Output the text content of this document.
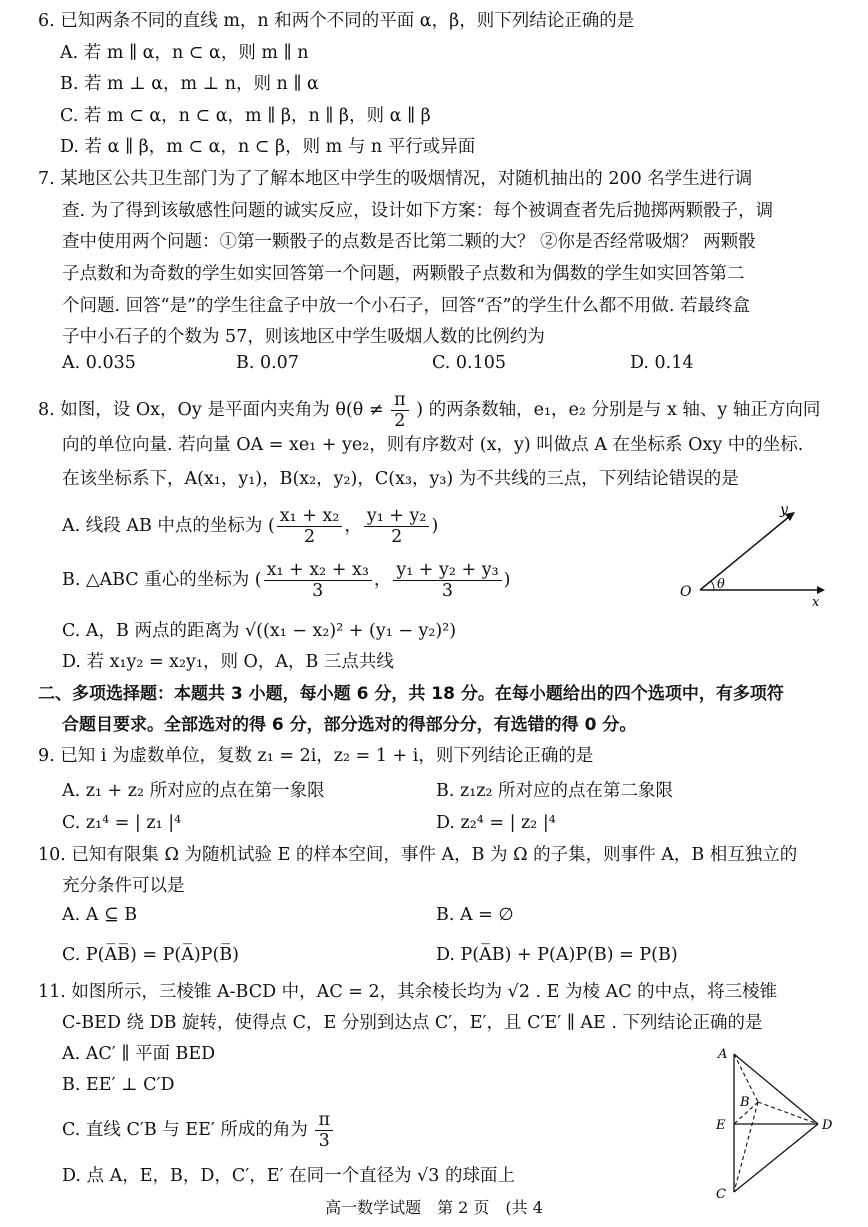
6. 已知两条不同的直线 m，n 和两个不同的平面 α，β，则下列结论正确的是
A. 若 m ∥ α，n ⊂ α，则 m ∥ n
B. 若 m ⊥ α，m ⊥ n，则 n ∥ α
C. 若 m ⊂ α，n ⊂ α，m ∥ β，n ∥ β，则 α ∥ β
D. 若 α ∥ β，m ⊂ α，n ⊂ β，则 m 与 n 平行或异面
7. 某地区公共卫生部门为了了解本地区中学生的吸烟情况，对随机抽出的 200 名学生进行调
查. 为了得到该敏感性问题的诚实反应，设计如下方案：每个被调查者先后抛掷两颗骰子，调
查中使用两个问题：①第一颗骰子的点数是否比第二颗的大？ ②你是否经常吸烟？ 两颗骰
子点数和为奇数的学生如实回答第一个问题，两颗骰子点数和为偶数的学生如实回答第二
个问题. 回答“是”的学生往盒子中放一个小石子，回答“否”的学生什么都不用做. 若最终盒
子中小石子的个数为 57，则该地区中学生吸烟人数的比例约为
A. 0.035	B. 0.07	C. 0.105	D. 0.14
8. 如图，设 Ox，Oy 是平面内夹角为 $\theta(\theta \ne \frac{\pi}{2}$ ) 的两条数轴，e₁，e₂ 分别是与 x 轴、y 轴正方向同
向的单位向量. 若向量 OA = xe₁ + ye₂，则有序数对 (x，y) 叫做点 A 在坐标系 Oxy 中的坐标.
在该坐标系下，A(x₁，y₁)，B(x₂，y₂)，C(x₃，y₃) 为不共线的三点，下列结论错误的是
A. 线段 AB 中点的坐标为 ( $\frac{\text{x₁ + x₂}}{2}$ ， $\frac{\text{y₁ + y₂}}{2}$ )
B. △ABC 重心的坐标为 ( $\frac{\text{x₁ + x₂ + x₃}}{3}$ ， $\frac{\text{y₁ + y₂ + y₃}}{3}$ )
C. A，B 两点的距离为 √((x₁ − x₂)² + (y₁ − y₂)²)
D. 若 x₁y₂ = x₂y₁，则 O，A，B 三点共线
y
O θ
x
二、多项选择题：本题共 3 小题，每小题 6 分，共 18 分。在每小题给出的四个选项中，有多项符
合题目要求。全部选对的得 6 分，部分选对的得部分分，有选错的得 0 分。
9. 已知 i 为虚数单位，复数 z₁ = 2i，z₂ = 1 + i，则下列结论正确的是
A. z₁ + z₂ 所对应的点在第一象限	B. z₁z₂ 所对应的点在第二象限
C. z₁⁴ = | z₁ |⁴	D. z₂⁴ = | z₂ |⁴
10. 已知有限集 Ω 为随机试验 E 的样本空间，事件 A，B 为 Ω 的子集，则事件 A，B 相互独立的
充分条件可以是
A. A ⊆ B	B. A = ∅
C. P(A̅B̅) = P(A̅)P(B̅)	D. P(A̅B) + P(A)P(B) = P(B)
11. 如图所示，三棱锥 A-BCD 中，AC = 2，其余棱长均为 √2 . E 为棱 AC 的中点，将三棱锥
C-BED 绕 DB 旋转，使得点 C，E 分别到达点 C′，E′，且 C′E′ ∥ AE . 下列结论正确的是
A. AC′ ∥ 平面 BED
B. EE′ ⊥ C′D
C. 直线 C′B 与 EE′ 所成的角为 $\frac{\pi}{3}$
D. 点 A，E，B，D，C′，E′ 在同一个直径为 √3 的球面上
A
B
E	D
C
高一数学试题　第 2 页　(共 4
